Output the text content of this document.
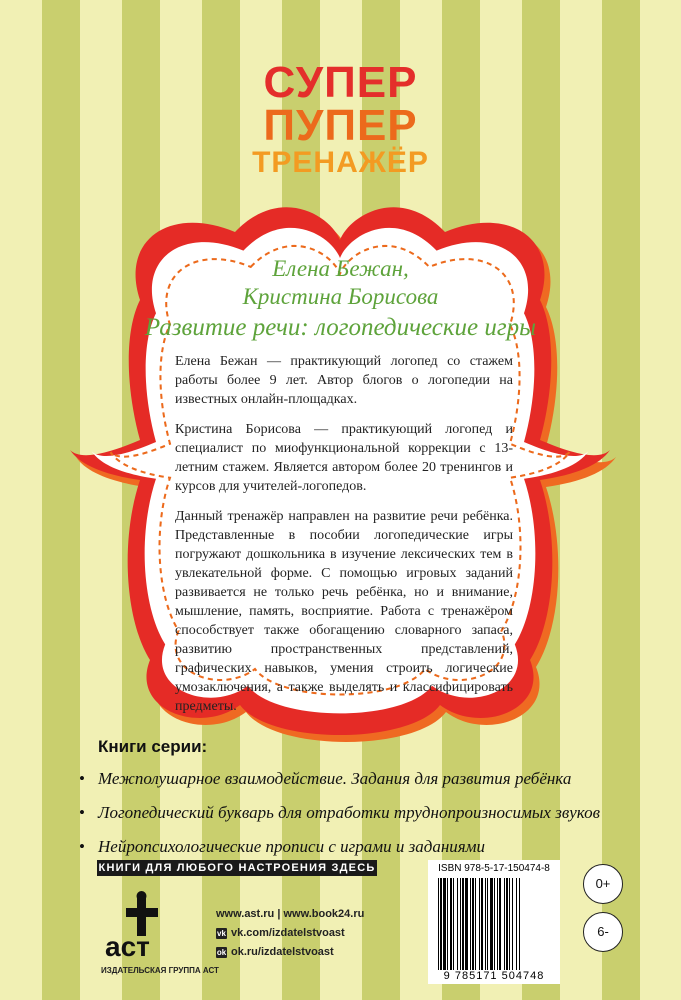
СУПЕР
ПУПЕР
ТРЕНАЖЁР
Елена Бежан,
Кристина Борисова
Развитие речи: логопедические игры

Елена Бежан — практикующий логопед со стажем работы более 9 лет. Автор блогов о логопедии на известных онлайн-площадках.

Кристина Борисова — практикующий логопед и специалист по миофункциональной коррекции с 13-летним стажем. Является автором более 20 тренингов и курсов для учителей-логопедов.

Данный тренажёр направлен на развитие речи ребёнка. Представленные в пособии логопедические игры погружают дошкольника в изучение лексических тем в увлекательной форме. С помощью игровых заданий развивается не только речь ребёнка, но и внимание, мышление, память, восприятие. Работа с тренажёром способствует также обогащению словарного запаса, развитию пространственных представлений, графических навыков, умения строить логические умозаключения, а также выделять и классифицировать предметы.

Книги серии:
• Межполушарное взаимодействие. Задания для развития ребёнка
• Логопедический букварь для отработки труднопроизносимых звуков
• Нейропсихологические прописи с играми и заданиями
КНИГИ ДЛЯ ЛЮБОГО НАСТРОЕНИЯ ЗДЕСЬ
аст
ИЗДАТЕЛЬСКАЯ ГРУППА АСТ
www.ast.ru | www.book24.ru
vk vk.com/izdatelstvoast
ok ok.ru/izdatelstvoast
ISBN 978-5-17-150474-8
9 785171 504748
0+
6-
